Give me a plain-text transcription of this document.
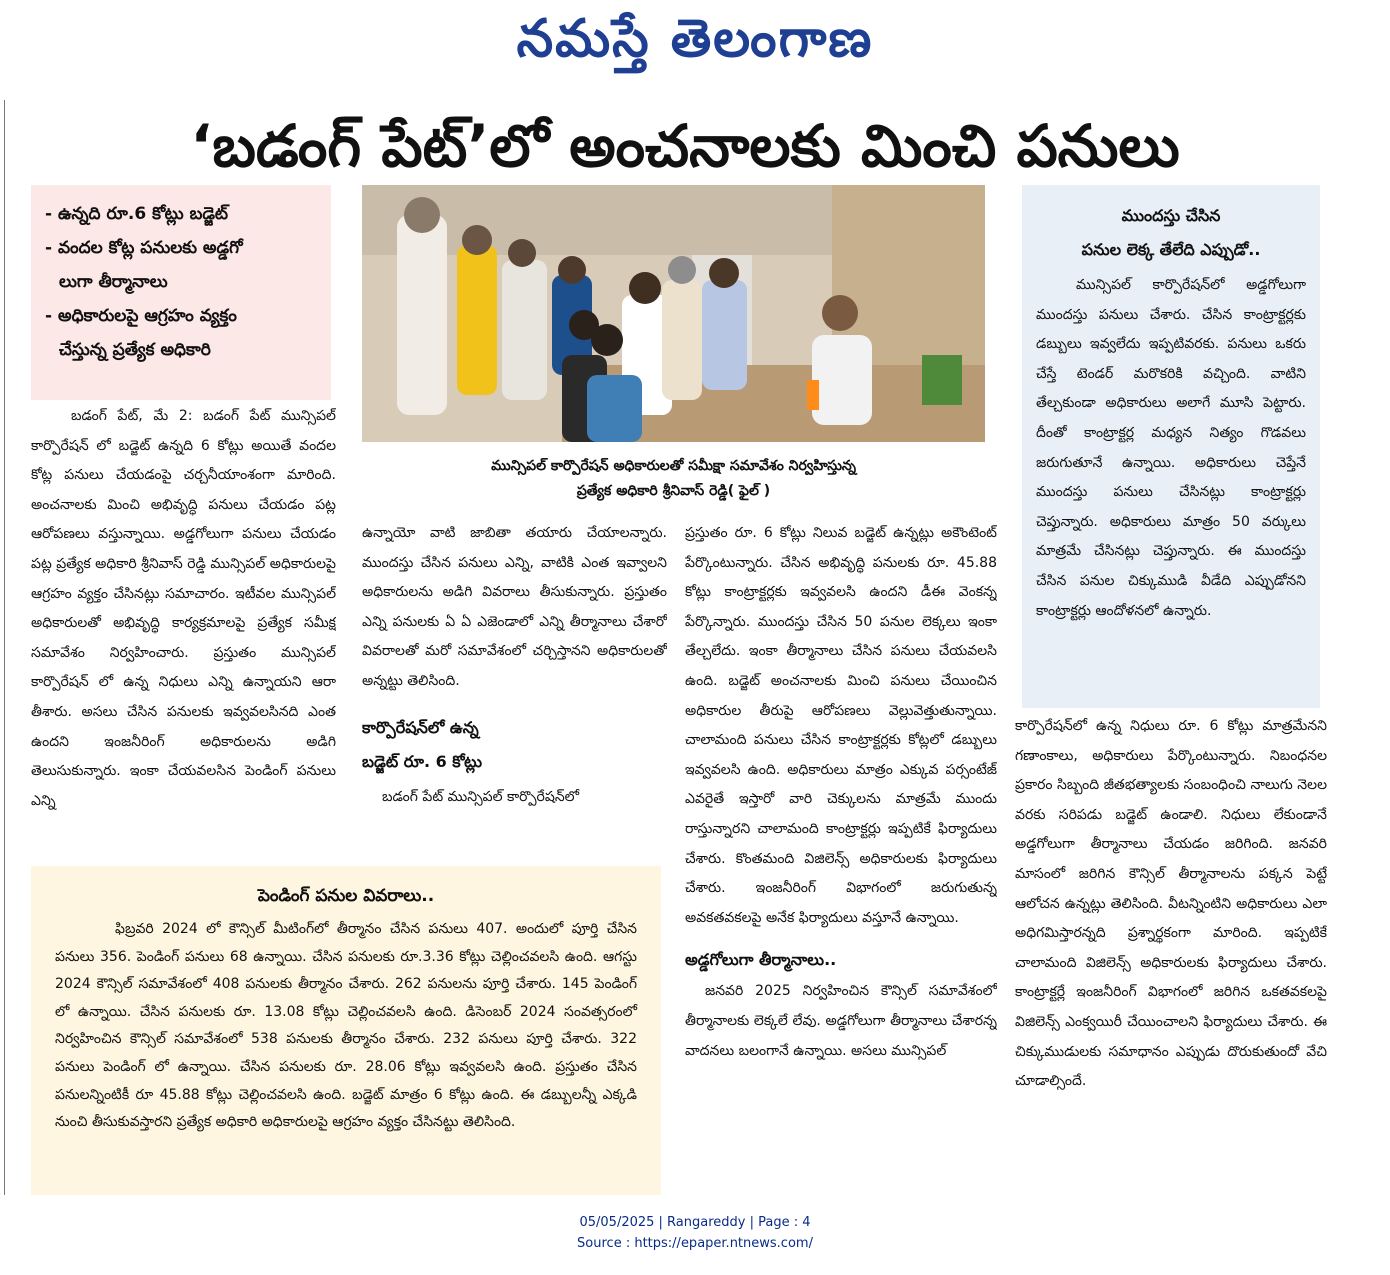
నమస్తే తెలంగాణ
‘బడంగ్ పేట్’లో అంచనాలకు మించి పనులు
- ఉన్నది రూ.6 కోట్లు బడ్జెట్
- వందల కోట్ల పనులకు అడ్డగో
లుగా తీర్మానాలు
- అధికారులపై ఆగ్రహం వ్యక్తం
చేస్తున్న ప్రత్యేక అధికారి
మున్సిపల్ కార్పొరేషన్ అధికారులతో సమీక్షా సమావేశం నిర్వహిస్తున్న
ప్రత్యేక అధికారి శ్రీనివాస్ రెడ్డి( ఫైల్ )
ముందస్తు చేసిన
పనుల లెక్క తేలేది ఎప్పుడో..
మున్సిపల్ కార్పొరేషన్‌లో అడ్డగోలుగా ముందస్తు పనులు చేశారు. చేసిన కాంట్రాక్టర్లకు డబ్బులు ఇవ్వలేదు ఇప్పటివరకు. పనులు ఒకరు చేస్తే టెండర్ మరొకరికి వచ్చింది. వాటిని తేల్చకుండా అధికారులు అలాగే మూసి పెట్టారు. దీంతో కాంట్రాక్టర్ల మధ్యన నిత్యం గొడవలు జరుగుతూనే ఉన్నాయి. అధికారులు చెప్తేనే ముందస్తు పనులు చేసినట్లు కాంట్రాక్టర్లు చెప్తున్నారు. అధికారులు మాత్రం 50 వర్కులు మాత్రమే చేసినట్లు చెప్తున్నారు. ఈ ముందస్తు చేసిన పనుల చిక్కుముడి వీడేది ఎప్పుడోనని కాంట్రాక్టర్లు ఆందోళనలో ఉన్నారు.
బడంగ్ పేట్, మే 2: బడంగ్ పేట్ మున్సిపల్ కార్పొరేషన్ లో బడ్జెట్ ఉన్నది 6 కోట్లు అయితే వందల కోట్ల పనులు చేయడంపై చర్చనీయాంశంగా మారింది. అంచనాలకు మించి అభివృద్ధి పనులు చేయడం పట్ల ఆరోపణలు వస్తున్నాయి. అడ్డగోలుగా పనులు చేయడం పట్ల ప్రత్యేక అధికారి శ్రీనివాస్ రెడ్డి మున్సిపల్ అధికారులపై ఆగ్రహం వ్యక్తం చేసినట్లు సమాచారం. ఇటీవల మున్సిపల్ అధికారులతో అభివృద్ధి కార్యక్రమాలపై ప్రత్యేక సమీక్ష సమావేశం నిర్వహించారు. ప్రస్తుతం మున్సిపల్ కార్పొరేషన్ లో ఉన్న నిధులు ఎన్ని ఉన్నాయని ఆరా తీశారు. అసలు చేసిన పనులకు ఇవ్వవలసినది ఎంత ఉందని ఇంజనీరింగ్ అధికారులను అడిగి తెలుసుకున్నారు. ఇంకా చేయవలసిన పెండింగ్ పనులు ఎన్ని
ఉన్నాయో వాటి జాబితా తయారు చేయాలన్నారు. ముందస్తు చేసిన పనులు ఎన్ని, వాటికి ఎంత ఇవ్వాలని అధికారులను అడిగి వివరాలు తీసుకున్నారు. ప్రస్తుతం ఎన్ని పనులకు ఏ ఏ ఎజెండాలో ఎన్ని తీర్మానాలు చేశారో వివరాలతో మరో సమావేశంలో చర్చిస్తానని అధికారులతో అన్నట్టు తెలిసింది.
కార్పొరేషన్‌లో ఉన్న
బడ్జెట్ రూ. 6 కోట్లు
బడంగ్ పేట్ మున్సిపల్ కార్పొరేషన్‌లో
ప్రస్తుతం రూ. 6 కోట్లు నిలువ బడ్జెట్ ఉన్నట్లు అకౌంటెంట్ పేర్కొంటున్నారు. చేసిన అభివృద్ధి పనులకు రూ. 45.88 కోట్లు కాంట్రాక్టర్లకు ఇవ్వవలసి ఉందని డీఈ వెంకన్న పేర్కొన్నారు. ముందస్తు చేసిన 50 పనుల లెక్కలు ఇంకా తేల్చలేదు. ఇంకా తీర్మానాలు చేసిన పనులు చేయవలసి ఉంది. బడ్జెట్ అంచనాలకు మించి పనులు చేయించిన అధికారుల తీరుపై ఆరోపణలు వెల్లువెత్తుతున్నాయి. చాలామంది పనులు చేసిన కాంట్రాక్టర్లకు కోట్లలో డబ్బులు ఇవ్వవలసి ఉంది. అధికారులు మాత్రం ఎక్కువ పర్సంటేజ్ ఎవరైతే ఇస్తారో వారి చెక్కులను మాత్రమే ముందు రాస్తున్నారని చాలామంది కాంట్రాక్టర్లు ఇప్పటికే ఫిర్యాదులు చేశారు. కొంతమంది విజిలెన్స్ అధికారులకు ఫిర్యాదులు చేశారు. ఇంజనీరింగ్ విభాగంలో జరుగుతున్న అవకతవకలపై అనేక ఫిర్యాదులు వస్తూనే ఉన్నాయి.
అడ్డగోలుగా తీర్మానాలు..
జనవరి 2025 నిర్వహించిన కౌన్సిల్ సమావేశంలో తీర్మానాలకు లెక్కలే లేవు. అడ్డగోలుగా తీర్మానాలు చేశారన్న వాదనలు బలంగానే ఉన్నాయి. అసలు మున్సిపల్
కార్పొరేషన్‌లో ఉన్న నిధులు రూ. 6 కోట్లు మాత్రమేనని గణాంకాలు, అధికారులు పేర్కొంటున్నారు. నిబంధనల ప్రకారం సిబ్బంది జీతభత్యాలకు సంబంధించి నాలుగు నెలల వరకు సరిపడు బడ్జెట్ ఉండాలి. నిధులు లేకుండానే అడ్డగోలుగా తీర్మానాలు చేయడం జరిగింది. జనవరి మాసంలో జరిగిన కౌన్సిల్ తీర్మానాలను పక్కన పెట్టే ఆలోచన ఉన్నట్లు తెలిసింది. వీటన్నింటిని అధికారులు ఎలా అధిగమిస్తారన్నది ప్రశ్నార్థకంగా మారింది. ఇప్పటికే చాలామంది విజిలెన్స్ అధికారులకు ఫిర్యాదులు చేశారు. కాంట్రాక్టర్లే ఇంజనీరింగ్ విభాగంలో జరిగిన ఒకతవకలపై విజిలెన్స్ ఎంక్వయిరీ చేయించాలని ఫిర్యాదులు చేశారు. ఈ చిక్కుముడులకు సమాధానం ఎప్పుడు దొరుకుతుందో వేచి చూడాల్సిందే.
పెండింగ్ పనుల వివరాలు..
ఫిబ్రవరి 2024 లో కౌన్సిల్ మీటింగ్‌లో తీర్మానం చేసిన పనులు 407. అందులో పూర్తి చేసిన పనులు 356. పెండింగ్ పనులు 68 ఉన్నాయి. చేసిన పనులకు రూ.3.36 కోట్లు చెల్లించవలసి ఉంది. ఆగస్టు 2024 కౌన్సిల్ సమావేశంలో 408 పనులకు తీర్మానం చేశారు. 262 పనులను పూర్తి చేశారు. 145 పెండింగ్ లో ఉన్నాయి. చేసిన పనులకు రూ. 13.08 కోట్లు చెల్లించవలసి ఉంది. డిసెంబర్ 2024 సంవత్సరంలో నిర్వహించిన కౌన్సిల్ సమావేశంలో 538 పనులకు తీర్మానం చేశారు. 232 పనులు పూర్తి చేశారు. 322 పనులు పెండింగ్ లో ఉన్నాయి. చేసిన పనులకు రూ. 28.06 కోట్లు ఇవ్వవలసి ఉంది. ప్రస్తుతం చేసిన పనులన్నింటికీ రూ 45.88 కోట్లు చెల్లించవలసి ఉంది. బడ్జెట్ మాత్రం 6 కోట్లు ఉంది. ఈ డబ్బులన్నీ ఎక్కడి నుంచి తీసుకువస్తారని ప్రత్యేక అధికారి అధికారులపై ఆగ్రహం వ్యక్తం చేసినట్టు తెలిసింది.
05/05/2025 | Rangareddy | Page : 4
Source : https://epaper.ntnews.com/
